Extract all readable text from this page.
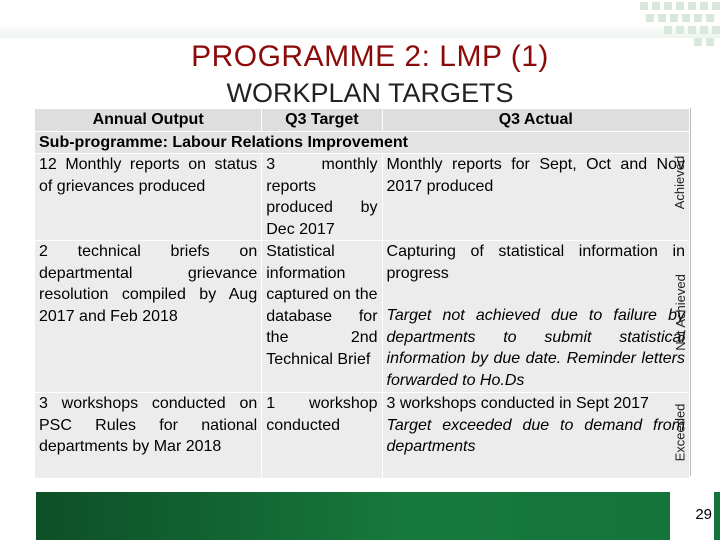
PROGRAMME 2: LMP (1)
WORKPLAN TARGETS
Annual Output	Q3 Target	Q3 Actual
Sub-programme: Labour Relations Improvement		
12 Monthly reports on status of grievances produced	3 monthly reports produced by Dec 2017	Monthly reports for Sept, Oct and Nov 2017 produced

2 technical briefs on departmental grievance resolution compiled by Aug 2017 and Feb 2018	Statistical information captured on the database for the 2nd Technical Brief	Capturing of statistical information in progress
Target not achieved due to failure by departments to submit statistical information by due date. Reminder letters forwarded to Ho.Ds

3 workshops conducted on PSC Rules for national departments by Mar 2018	1 workshop conducted	3 workshops conducted in Sept 2017
Target exceeded due to demand from departments
Achieved
Not Achieved
Exceeded
29
